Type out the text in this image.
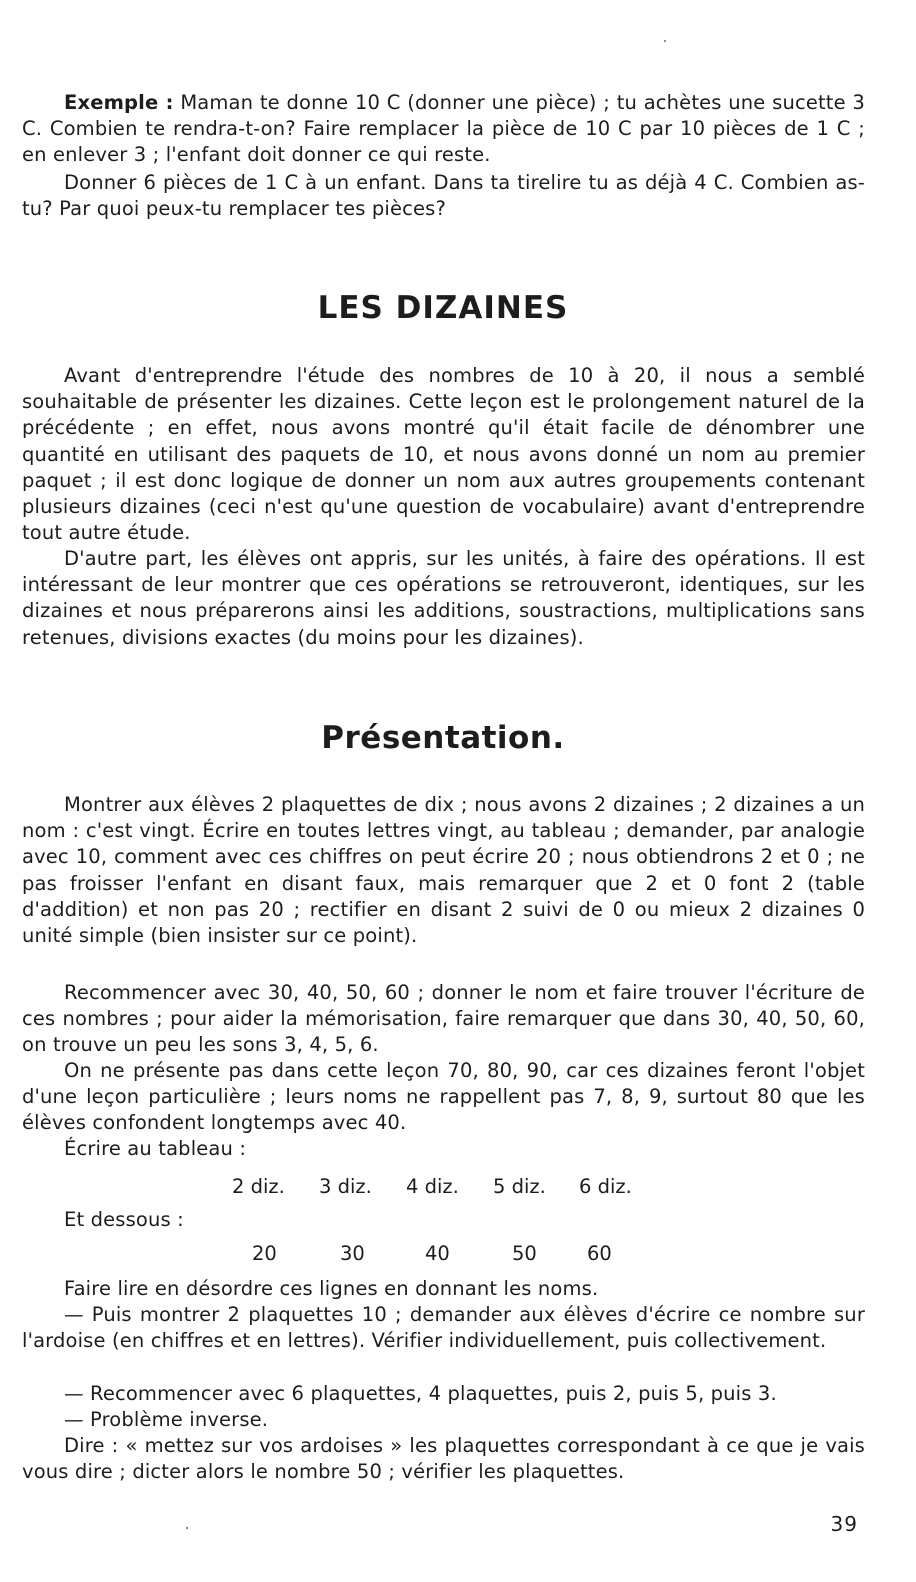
Exemple : Maman te donne 10 C (donner une pièce) ; tu achètes une sucette 3 C. Combien te rendra-t-on? Faire remplacer la pièce de 10 C par 10 pièces de 1 C ; en enlever 3 ; l'enfant doit donner ce qui reste.

Donner 6 pièces de 1 C à un enfant. Dans ta tirelire tu as déjà 4 C. Combien as-tu? Par quoi peux-tu remplacer tes pièces?

LES DIZAINES

Avant d'entreprendre l'étude des nombres de 10 à 20, il nous a semblé souhaitable de présenter les dizaines. Cette leçon est le prolongement naturel de la précédente ; en effet, nous avons montré qu'il était facile de dénombrer une quantité en utilisant des paquets de 10, et nous avons donné un nom au premier paquet ; il est donc logique de donner un nom aux autres groupements contenant plusieurs dizaines (ceci n'est qu'une question de vocabulaire) avant d'entreprendre tout autre étude.

D'autre part, les élèves ont appris, sur les unités, à faire des opérations. Il est intéressant de leur montrer que ces opérations se retrouveront, identiques, sur les dizaines et nous préparerons ainsi les additions, soustractions, multiplications sans retenues, divisions exactes (du moins pour les dizaines).

Présentation.

Montrer aux élèves 2 plaquettes de dix ; nous avons 2 dizaines ; 2 dizaines a un nom : c'est vingt. Écrire en toutes lettres vingt, au tableau ; demander, par analogie avec 10, comment avec ces chiffres on peut écrire 20 ; nous obtiendrons 2 et 0 ; ne pas froisser l'enfant en disant faux, mais remarquer que 2 et 0 font 2 (table d'addition) et non pas 20 ; rectifier en disant 2 suivi de 0 ou mieux 2 dizaines 0 unité simple (bien insister sur ce point).

Recommencer avec 30, 40, 50, 60 ; donner le nom et faire trouver l'écriture de ces nombres ; pour aider la mémorisation, faire remarquer que dans 30, 40, 50, 60, on trouve un peu les sons 3, 4, 5, 6.

On ne présente pas dans cette leçon 70, 80, 90, car ces dizaines feront l'objet d'une leçon particulière ; leurs noms ne rappellent pas 7, 8, 9, surtout 80 que les élèves confondent longtemps avec 40.

Écrire au tableau :

2 diz. 3 diz. 4 diz. 5 diz. 6 diz.

Et dessous :

20	30	40	50	60

Faire lire en désordre ces lignes en donnant les noms.

— Puis montrer 2 plaquettes 10 ; demander aux élèves d'écrire ce nombre sur l'ardoise (en chiffres et en lettres). Vérifier individuellement, puis collectivement.

— Recommencer avec 6 plaquettes, 4 plaquettes, puis 2, puis 5, puis 3.

— Problème inverse.

Dire : « mettez sur vos ardoises » les plaquettes correspondant à ce que je vais vous dire ; dicter alors le nombre 50 ; vérifier les plaquettes.

39
